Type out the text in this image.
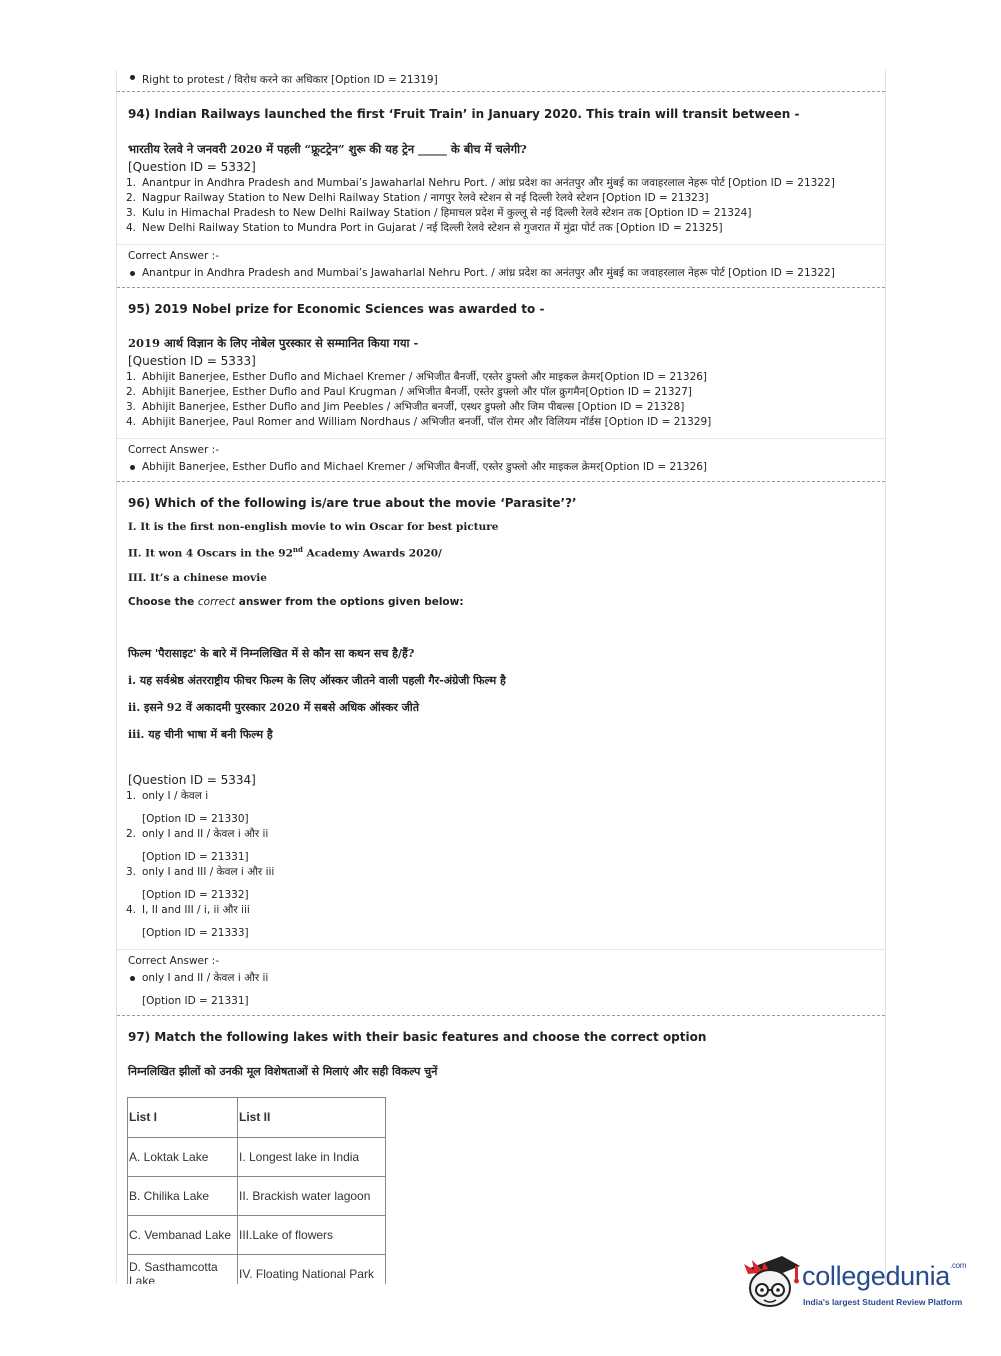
Right to protest / विरोध करने का अधिकार [Option ID = 21319]
94) Indian Railways launched the first ‘Fruit Train’ in January 2020. This train will transit between -
भारतीय रेलवे ने जनवरी 2020 में पहली “फ्रूटट्रेन” शुरू की यह ट्रेन _____ के बीच में चलेगी?
[Question ID = 5332]
1. Anantpur in Andhra Pradesh and Mumbai’s Jawaharlal Nehru Port. / आंध्र प्रदेश का अनंतपुर और मुंबई का जवाहरलाल नेहरू पोर्ट [Option ID = 21322]
2. Nagpur Railway Station to New Delhi Railway Station / नागपुर रेलवे स्टेशन से नई दिल्ली रेलवे स्टेशन [Option ID = 21323]
3. Kulu in Himachal Pradesh to New Delhi Railway Station / हिमाचल प्रदेश में कुल्लू से नई दिल्ली रेलवे स्टेशन तक [Option ID = 21324]
4. New Delhi Railway Station to Mundra Port in Gujarat / नई दिल्ली रेलवे स्टेशन से गुजरात में मुंद्रा पोर्ट तक [Option ID = 21325]
Correct Answer :-
Anantpur in Andhra Pradesh and Mumbai’s Jawaharlal Nehru Port. / आंध्र प्रदेश का अनंतपुर और मुंबई का जवाहरलाल नेहरू पोर्ट [Option ID = 21322]
95) 2019 Nobel prize for Economic Sciences was awarded to -
2019 आर्थ विज्ञान के लिए नोबेल पुरस्कार से सम्मानित किया गया -
[Question ID = 5333]
1. Abhijit Banerjee, Esther Duflo and Michael Kremer / अभिजीत बैनर्जी, एस्तेर डुफ्लो और माइकल क्रेमर[Option ID = 21326]
2. Abhijit Banerjee, Esther Duflo and Paul Krugman / अभिजीत बैनर्जी, एस्तेर डुफ्लो और पॉल क्रुगमैन[Option ID = 21327]
3. Abhijit Banerjee, Esther Duflo and Jim Peebles / अभिजीत बनर्जी, एस्थर डुफ्लो और जिम पीबल्स [Option ID = 21328]
4. Abhijit Banerjee, Paul Romer and William Nordhaus / अभिजीत बनर्जी, पॉल रोमर और विलियम नॉर्डस [Option ID = 21329]
Correct Answer :-
Abhijit Banerjee, Esther Duflo and Michael Kremer / अभिजीत बैनर्जी, एस्तेर डुफ्लो और माइकल क्रेमर[Option ID = 21326]
96) Which of the following is/are true about the movie ‘Parasite’?’
I. It is the first non-english movie to win Oscar for best picture
II. It won 4 Oscars in the 92nd Academy Awards 2020/
III. It’s a chinese movie
Choose the correct answer from the options given below:
फिल्म 'पैरासाइट' के बारे में निम्नलिखित में से कौन सा कथन सच है/हैं?
i. यह सर्वश्रेष्ठ अंतरराष्ट्रीय फीचर फिल्म के लिए ऑस्कर जीतने वाली पहली गैर-अंग्रेजी फिल्म है
ii. इसने 92 वें अकादमी पुरस्कार 2020 में सबसे अधिक ऑस्कर जीते
iii. यह चीनी भाषा में बनी फिल्म है
[Question ID = 5334]
1. only I / केवल i
[Option ID = 21330]
2. only I and II / केवल i और ii
[Option ID = 21331]
3. only I and III / केवल i और iii
[Option ID = 21332]
4. I, II and III / i, ii और iii
[Option ID = 21333]
Correct Answer :-
only I and II / केवल i और ii
[Option ID = 21331]
97) Match the following lakes with their basic features and choose the correct option
निम्नलिखित झीलों को उनकी मूल विशेषताओं से मिलाएं और सही विकल्प चुनें
List I	List II
A. Loktak Lake	I. Longest lake in India
B. Chilika Lake	II. Brackish water lagoon
C. Vembanad Lake	III.Lake of flowers
D. Sasthamcotta Lake	IV. Floating National Park	collegedunia$^{.com}$
India's largest Student Review Platform
